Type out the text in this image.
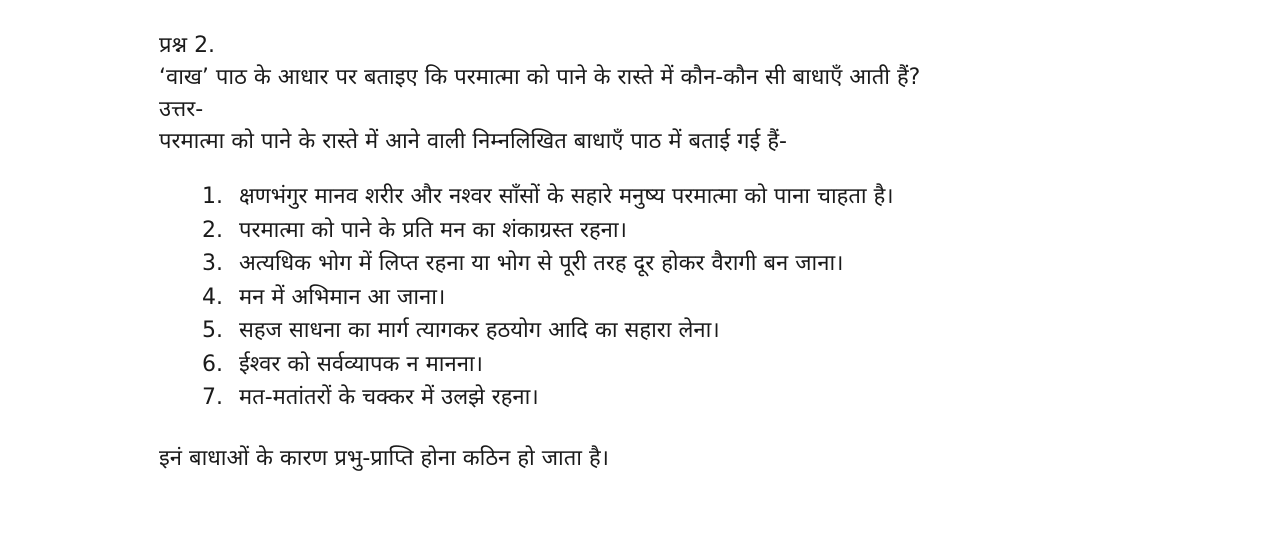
प्रश्न 2.
‘वाख’ पाठ के आधार पर बताइए कि परमात्मा को पाने के रास्ते में कौन-कौन सी बाधाएँ आती हैं?
उत्तर-
परमात्मा को पाने के रास्ते में आने वाली निम्नलिखित बाधाएँ पाठ में बताई गई हैं-
1. क्षणभंगुर मानव शरीर और नश्वर साँसों के सहारे मनुष्य परमात्मा को पाना चाहता है।
2. परमात्मा को पाने के प्रति मन का शंकाग्रस्त रहना।
3. अत्यधिक भोग में लिप्त रहना या भोग से पूरी तरह दूर होकर वैरागी बन जाना।
4. मन में अभिमान आ जाना।
5. सहज साधना का मार्ग त्यागकर हठयोग आदि का सहारा लेना।
6. ईश्वर को सर्वव्यापक न मानना।
7. मत-मतांतरों के चक्कर में उलझे रहना।
इनं बाधाओं के कारण प्रभु-प्राप्ति होना कठिन हो जाता है।
